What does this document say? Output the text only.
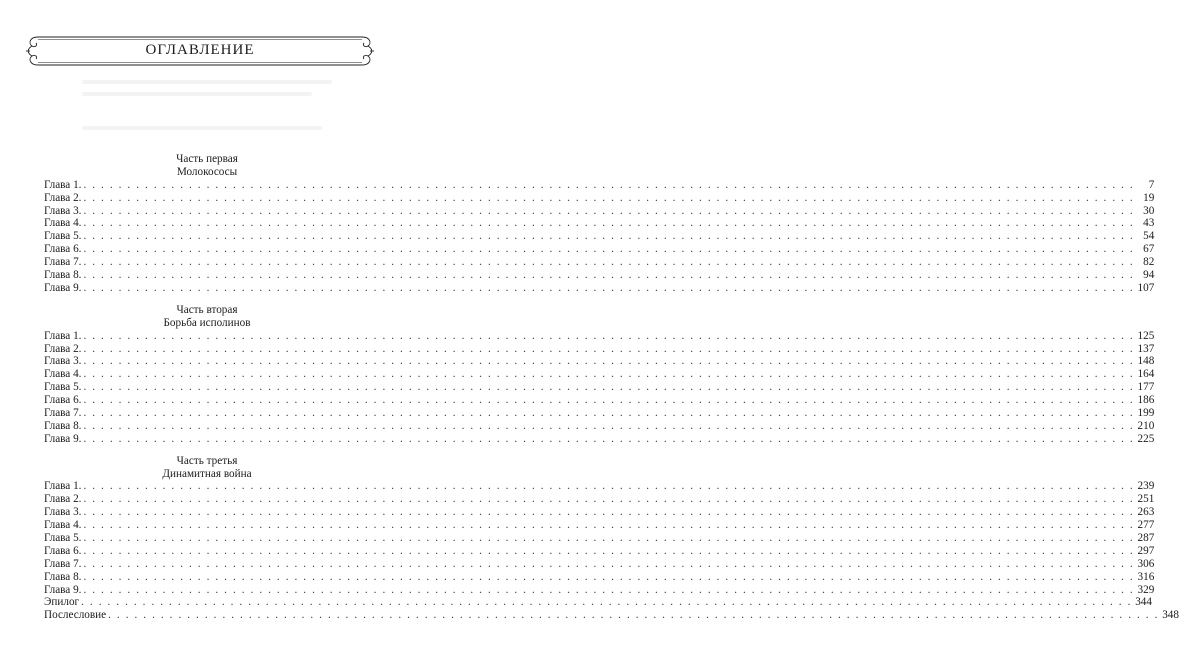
ОГЛАВЛЕНИЕ
Часть первая
Молокососы
Глава 1. . . . . . . . . . . . . . . . . . . . . . . . . . . . . . . . . . . . . . . . . . . . . . . . . . . . . . . . . . . . . . . . . . . . . . . . . . . . . . . . . . . . . . . . . . . . . . . . . . . . . . . . . . . . . . . . . . . . . . . . .	7
Глава 2. . . . . . . . . . . . . . . . . . . . . . . . . . . . . . . . . . . . . . . . . . . . . . . . . . . . . . . . . . . . . . . . . . . . . . . . . . . . . . . . . . . . . . . . . . . . . . . . . . . . . . . . . . . . . . . . . . . . . . . . . 19
Глава 3. . . . . . . . . . . . . . . . . . . . . . . . . . . . . . . . . . . . . . . . . . . . . . . . . . . . . . . . . . . . . . . . . . . . . . . . . . . . . . . . . . . . . . . . . . . . . . . . . . . . . . . . . . . . . . . . . . . . . . . . . 30
Глава 4. . . . . . . . . . . . . . . . . . . . . . . . . . . . . . . . . . . . . . . . . . . . . . . . . . . . . . . . . . . . . . . . . . . . . . . . . . . . . . . . . . . . . . . . . . . . . . . . . . . . . . . . . . . . . . . . . . . . . . . . . 43
Глава 5. . . . . . . . . . . . . . . . . . . . . . . . . . . . . . . . . . . . . . . . . . . . . . . . . . . . . . . . . . . . . . . . . . . . . . . . . . . . . . . . . . . . . . . . . . . . . . . . . . . . . . . . . . . . . . . . . . . . . . . . . 54
Глава 6. . . . . . . . . . . . . . . . . . . . . . . . . . . . . . . . . . . . . . . . . . . . . . . . . . . . . . . . . . . . . . . . . . . . . . . . . . . . . . . . . . . . . . . . . . . . . . . . . . . . . . . . . . . . . . . . . . . . . . . . . 67
Глава 7. . . . . . . . . . . . . . . . . . . . . . . . . . . . . . . . . . . . . . . . . . . . . . . . . . . . . . . . . . . . . . . . . . . . . . . . . . . . . . . . . . . . . . . . . . . . . . . . . . . . . . . . . . . . . . . . . . . . . . . . . 82
Глава 8. . . . . . . . . . . . . . . . . . . . . . . . . . . . . . . . . . . . . . . . . . . . . . . . . . . . . . . . . . . . . . . . . . . . . . . . . . . . . . . . . . . . . . . . . . . . . . . . . . . . . . . . . . . . . . . . . . . . . . . . . 94
Глава 9. . . . . . . . . . . . . . . . . . . . . . . . . . . . . . . . . . . . . . . . . . . . . . . . . . . . . . . . . . . . . . . . . . . . . . . . . . . . . . . . . . . . . . . . . . . . . . . . . . . . . . . . . . . . . . . . . . . . . . . . . 107
Часть вторая
Борьба исполинов
Глава 1. . . . . . . . . . . . . . . . . . . . . . . . . . . . . . . . . . . . . . . . . . . . . . . . . . . . . . . . . . . . . . . . . . . . . . . . . . . . . . . . . . . . . . . . . . . . . . . . . . . . . . . . . . . . . . . . . . . . . . . . . 125
Глава 2. . . . . . . . . . . . . . . . . . . . . . . . . . . . . . . . . . . . . . . . . . . . . . . . . . . . . . . . . . . . . . . . . . . . . . . . . . . . . . . . . . . . . . . . . . . . . . . . . . . . . . . . . . . . . . . . . . . . . . . . . 137
Глава 3. . . . . . . . . . . . . . . . . . . . . . . . . . . . . . . . . . . . . . . . . . . . . . . . . . . . . . . . . . . . . . . . . . . . . . . . . . . . . . . . . . . . . . . . . . . . . . . . . . . . . . . . . . . . . . . . . . . . . . . . . 148
Глава 4. . . . . . . . . . . . . . . . . . . . . . . . . . . . . . . . . . . . . . . . . . . . . . . . . . . . . . . . . . . . . . . . . . . . . . . . . . . . . . . . . . . . . . . . . . . . . . . . . . . . . . . . . . . . . . . . . . . . . . . . . 164
Глава 5. . . . . . . . . . . . . . . . . . . . . . . . . . . . . . . . . . . . . . . . . . . . . . . . . . . . . . . . . . . . . . . . . . . . . . . . . . . . . . . . . . . . . . . . . . . . . . . . . . . . . . . . . . . . . . . . . . . . . . . . . 177
Глава 6. . . . . . . . . . . . . . . . . . . . . . . . . . . . . . . . . . . . . . . . . . . . . . . . . . . . . . . . . . . . . . . . . . . . . . . . . . . . . . . . . . . . . . . . . . . . . . . . . . . . . . . . . . . . . . . . . . . . . . . . . 186
Глава 7. . . . . . . . . . . . . . . . . . . . . . . . . . . . . . . . . . . . . . . . . . . . . . . . . . . . . . . . . . . . . . . . . . . . . . . . . . . . . . . . . . . . . . . . . . . . . . . . . . . . . . . . . . . . . . . . . . . . . . . . . 199
Глава 8. . . . . . . . . . . . . . . . . . . . . . . . . . . . . . . . . . . . . . . . . . . . . . . . . . . . . . . . . . . . . . . . . . . . . . . . . . . . . . . . . . . . . . . . . . . . . . . . . . . . . . . . . . . . . . . . . . . . . . . . . 210
Глава 9. . . . . . . . . . . . . . . . . . . . . . . . . . . . . . . . . . . . . . . . . . . . . . . . . . . . . . . . . . . . . . . . . . . . . . . . . . . . . . . . . . . . . . . . . . . . . . . . . . . . . . . . . . . . . . . . . . . . . . . . . 225
Часть третья
Динамитная война
Глава 1. . . . . . . . . . . . . . . . . . . . . . . . . . . . . . . . . . . . . . . . . . . . . . . . . . . . . . . . . . . . . . . . . . . . . . . . . . . . . . . . . . . . . . . . . . . . . . . . . . . . . . . . . . . . . . . . . . . . . . . . . 239
Глава 2. . . . . . . . . . . . . . . . . . . . . . . . . . . . . . . . . . . . . . . . . . . . . . . . . . . . . . . . . . . . . . . . . . . . . . . . . . . . . . . . . . . . . . . . . . . . . . . . . . . . . . . . . . . . . . . . . . . . . . . . . 251
Глава 3. . . . . . . . . . . . . . . . . . . . . . . . . . . . . . . . . . . . . . . . . . . . . . . . . . . . . . . . . . . . . . . . . . . . . . . . . . . . . . . . . . . . . . . . . . . . . . . . . . . . . . . . . . . . . . . . . . . . . . . . . 263
Глава 4. . . . . . . . . . . . . . . . . . . . . . . . . . . . . . . . . . . . . . . . . . . . . . . . . . . . . . . . . . . . . . . . . . . . . . . . . . . . . . . . . . . . . . . . . . . . . . . . . . . . . . . . . . . . . . . . . . . . . . . . . 277
Глава 5. . . . . . . . . . . . . . . . . . . . . . . . . . . . . . . . . . . . . . . . . . . . . . . . . . . . . . . . . . . . . . . . . . . . . . . . . . . . . . . . . . . . . . . . . . . . . . . . . . . . . . . . . . . . . . . . . . . . . . . . . 287
Глава 6. . . . . . . . . . . . . . . . . . . . . . . . . . . . . . . . . . . . . . . . . . . . . . . . . . . . . . . . . . . . . . . . . . . . . . . . . . . . . . . . . . . . . . . . . . . . . . . . . . . . . . . . . . . . . . . . . . . . . . . . . 297
Глава 7. . . . . . . . . . . . . . . . . . . . . . . . . . . . . . . . . . . . . . . . . . . . . . . . . . . . . . . . . . . . . . . . . . . . . . . . . . . . . . . . . . . . . . . . . . . . . . . . . . . . . . . . . . . . . . . . . . . . . . . . . 306
Глава 8. . . . . . . . . . . . . . . . . . . . . . . . . . . . . . . . . . . . . . . . . . . . . . . . . . . . . . . . . . . . . . . . . . . . . . . . . . . . . . . . . . . . . . . . . . . . . . . . . . . . . . . . . . . . . . . . . . . . . . . . . 316
Глава 9. . . . . . . . . . . . . . . . . . . . . . . . . . . . . . . . . . . . . . . . . . . . . . . . . . . . . . . . . . . . . . . . . . . . . . . . . . . . . . . . . . . . . . . . . . . . . . . . . . . . . . . . . . . . . . . . . . . . . . . . . 329
Эпилог . . . . . . . . . . . . . . . . . . . . . . . . . . . . . . . . . . . . . . . . . . . . . . . . . . . . . . . . . . . . . . . . . . . . . . . . . . . . . . . . . . . . . . . . . . . . . . . . . . . . . . . . . . . . . . . . . . . . . . . . 344
Послесловие . . . . . . . . . . . . . . . . . . . . . . . . . . . . . . . . . . . . . . . . . . . . . . . . . . . . . . . . . . . . . . . . . . . . . . . . . . . . . . . . . . . . . . . . . . . . . . . . . . . . . . . . . . . . . . . . . . . . . . . . 348
